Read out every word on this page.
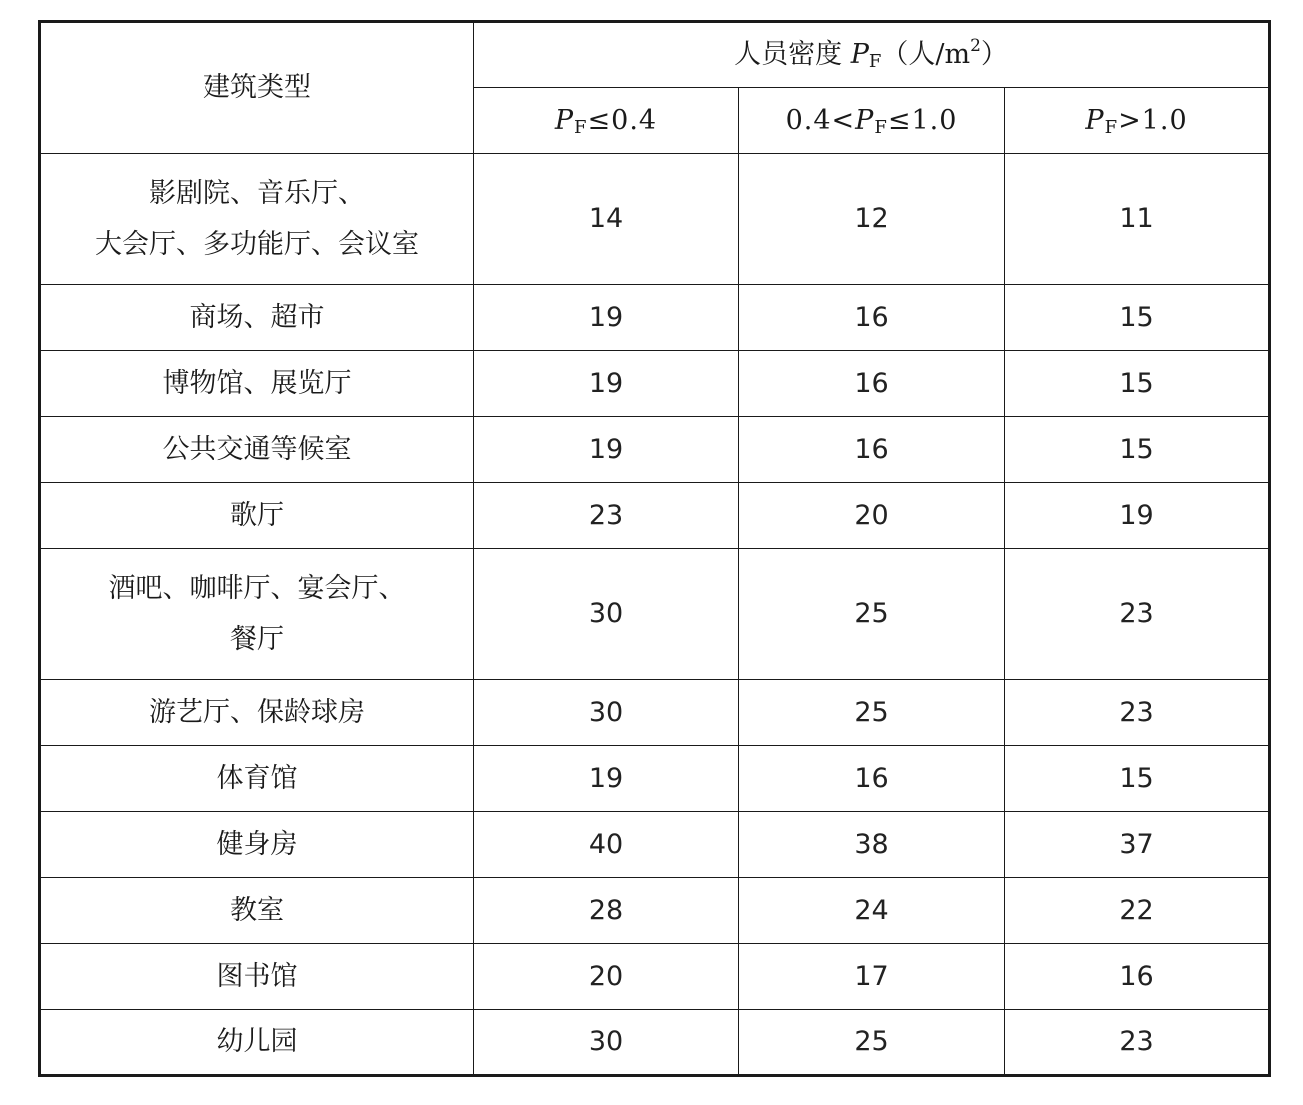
建筑类型	人员密度 $P_F$（人$/m^2$）		
	$P_F\le 0.4$	$0.4<P_F\le 1.0$	$P_F>1.0$

影剧院、音乐厅、
大会厅、多功能厅、会议室	14	12	11
商场、超市	19	16	15
博物馆、展览厅	19	16	15
公共交通等候室	19	16	15
歌厅	23	20	19

酒吧、咖啡厅、宴会厅、
餐厅	30	25	23
游艺厅、保龄球房	30	25	23
体育馆	19	16	15
健身房	40	38	37
教室	28	24	22
图书馆	20	17	16
幼儿园	30	25	23
